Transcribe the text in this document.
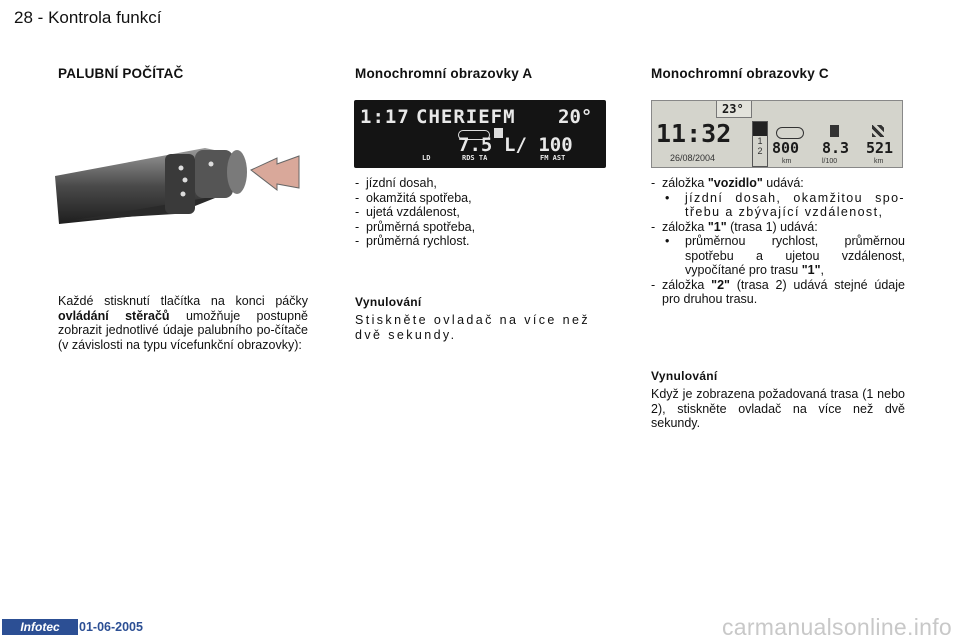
28 - Kontrola funkcí
PALUBNÍ POČÍTAČ
·
Každé stisknutí tlačítka na konci páčky ovládání stěračů umožňuje postupně zobrazit jednotlivé údaje palubního po-čítače (v závislosti na typu vícefunkční obrazovky):
Monochromní obrazovky A
1:17 CHERIEFM 20°
7.5 L/ 100
LD	RDS TA	FM AST
- jízdní dosah,
- okamžitá spotřeba,
- ujetá vzdálenost,
- průměrná spotřeba,
- průměrná rychlost.
Vynulování
Stiskněte ovladač na více než dvě sekundy.
Monochromní obrazovky C
23°
11:32
26/08/2004
1
2 800 8.3 521
km	l/100	km
- záložka "vozidlo" udává:
• jízdní dosah, okamžitou spo-třebu a zbývající vzdálenost,
- záložka "1" (trasa 1) udává:
• průměrnou rychlost, průměrnou spotřebu a ujetou vzdálenost, vypočítané pro trasu "1",
- záložka "2" (trasa 2) udává stejné údaje pro druhou trasu.
Vynulování
Když je zobrazena požadovaná trasa (1 nebo 2), stiskněte ovladač na více než dvě sekundy.
Infotec	01-06-2005	carmanualsonline.info
